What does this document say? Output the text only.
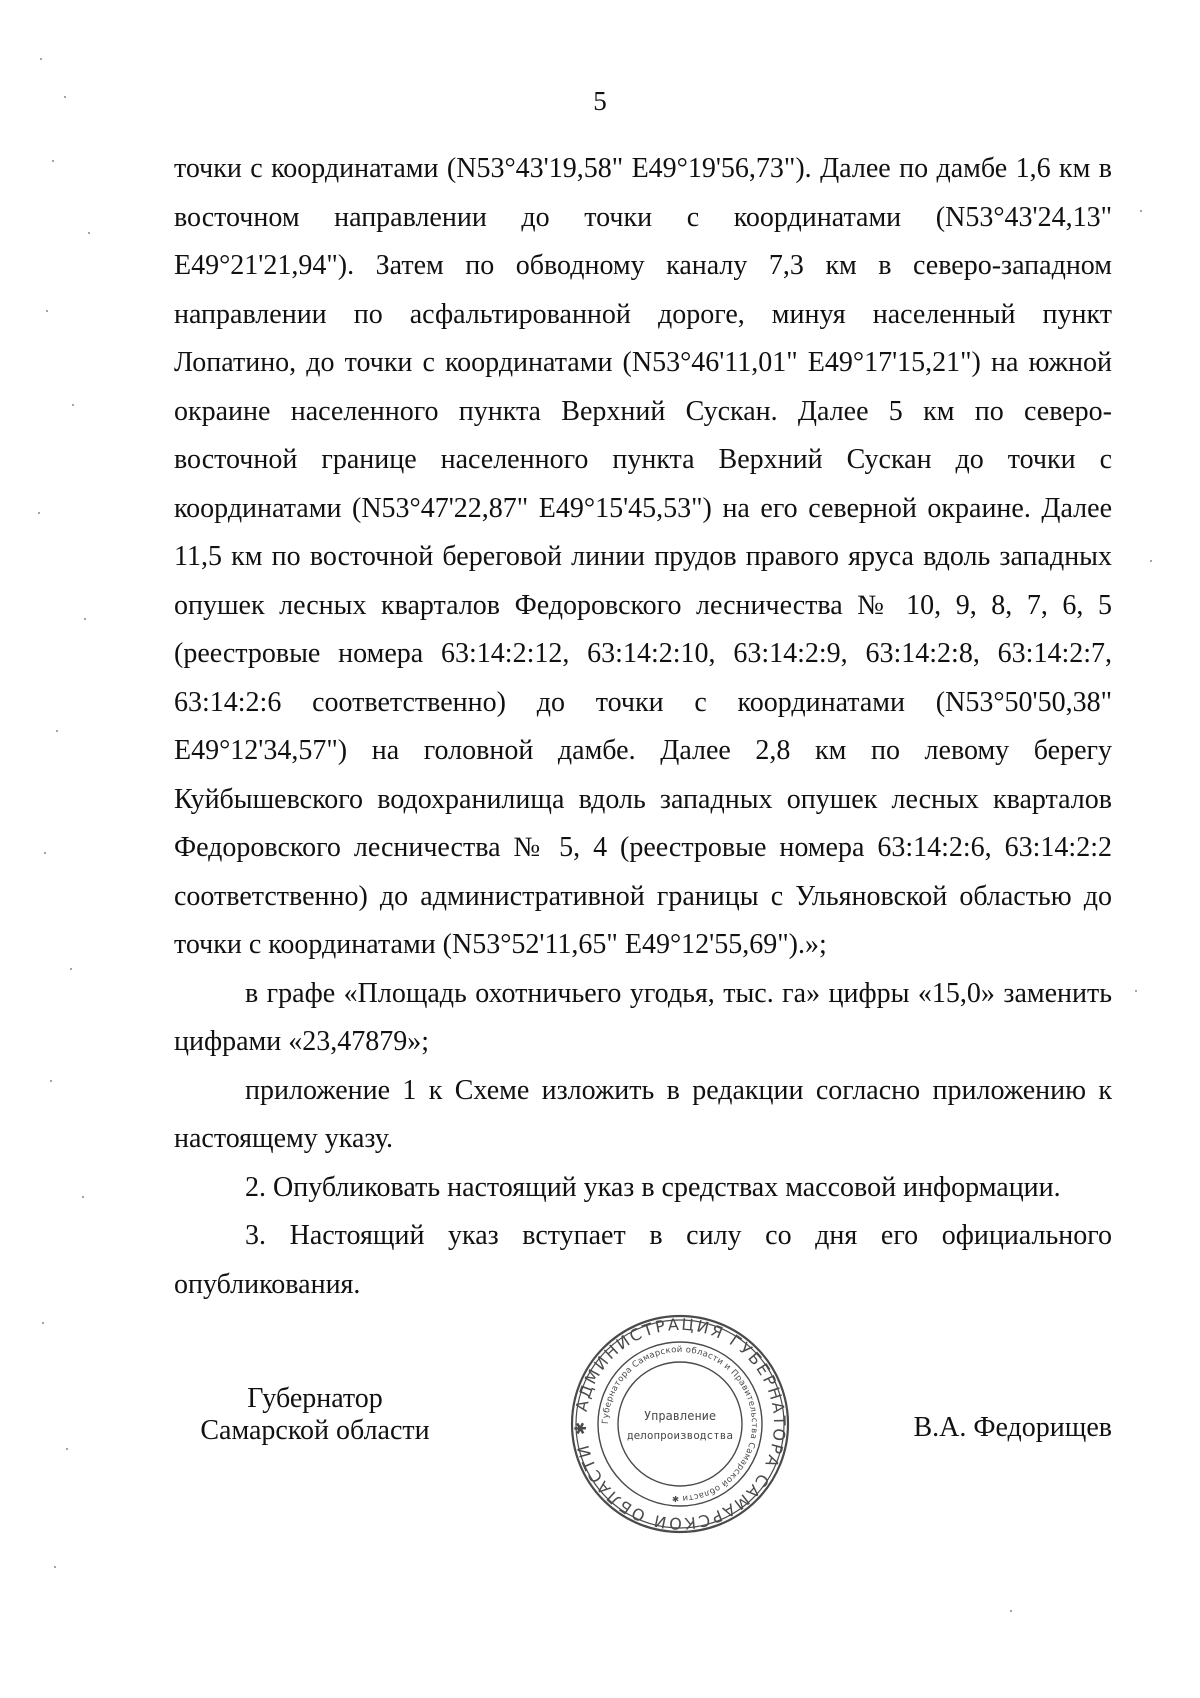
5

точки с координатами (N53°43'19,58" E49°19'56,73"). Далее по дамбе 1,6 км в восточном направлении до точки с координатами (N53°43'24,13" E49°21'21,94"). Затем по обводному каналу 7,3 км в северо-западном направлении по асфальтированной дороге, минуя населенный пункт Лопатино, до точки с координатами (N53°46'11,01" E49°17'15,21") на южной окраине населенного пункта Верхний Сускан. Далее 5 км по северо-восточной границе населенного пункта Верхний Сускан до точки с координатами (N53°47'22,87" E49°15'45,53") на его северной окраине. Далее 11,5 км по восточной береговой линии прудов правого яруса вдоль западных опушек лесных кварталов Федоровского лесничества № 10, 9, 8, 7, 6, 5 (реестровые номера 63:14:2:12, 63:14:2:10, 63:14:2:9, 63:14:2:8, 63:14:2:7, 63:14:2:6 соответственно) до точки с координатами (N53°50'50,38" E49°12'34,57") на головной дамбе. Далее 2,8 км по левому берегу Куйбышевского водохранилища вдоль западных опушек лесных кварталов Федоровского лесничества № 5, 4 (реестровые номера 63:14:2:6, 63:14:2:2 соответственно) до административной границы с Ульяновской областью до точки с координатами (N53°52'11,65" E49°12'55,69").»;

в графе «Площадь охотничьего угодья, тыс. га» цифры «15,0» заменить цифрами «23,47879»;

приложение 1 к Схеме изложить в редакции согласно приложению к настоящему указу.

2. Опубликовать настоящий указ в средствах массовой информации.

3. Настоящий указ вступает в силу со дня его официального опубликования.

Губернатор
Самарской области
АДМИНИСТРАЦИЯ ГУБЕРНАТОРА САМАРСКОЙ ОБЛАСТИ ✱	Губернатора Самарской области и Правительства Самарской области ✱
Управление
делопроизводства	В.А. Федорищев
